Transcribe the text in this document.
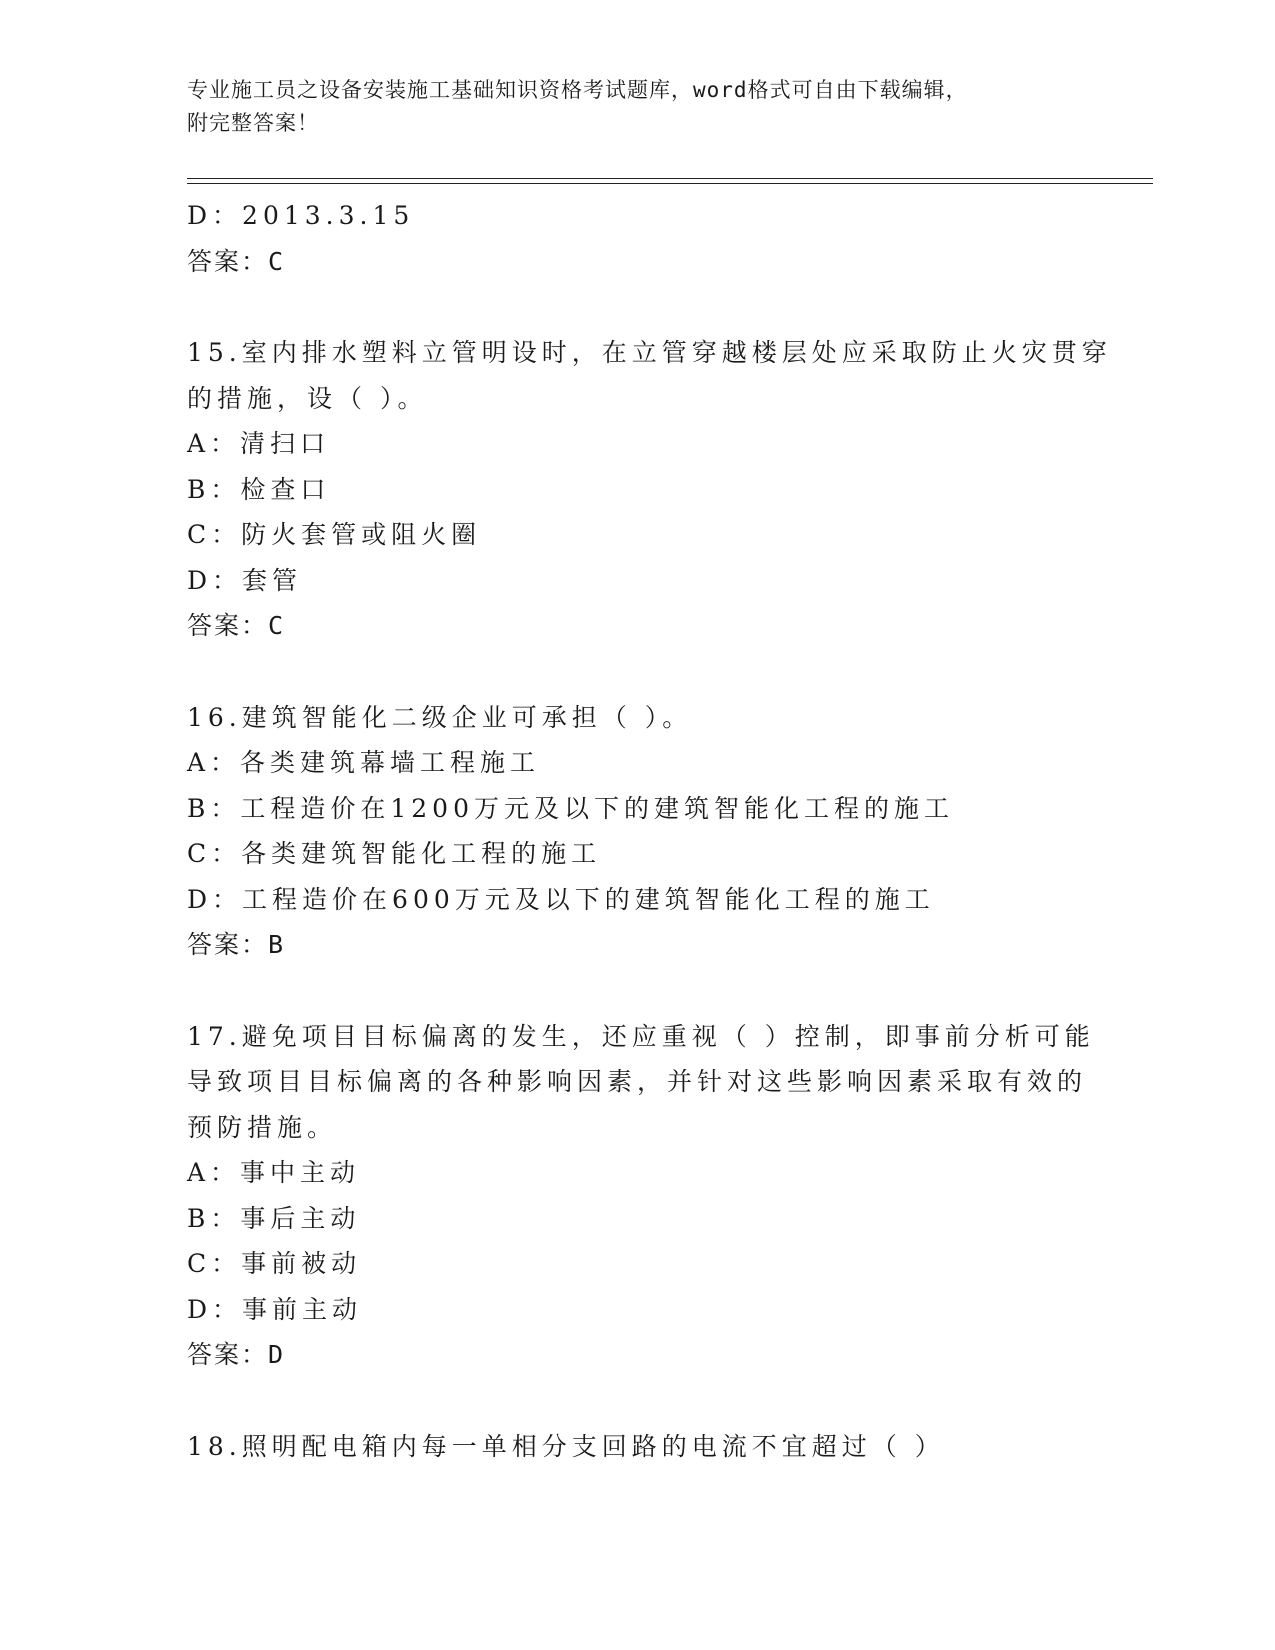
专业施工员之设备安装施工基础知识资格考试题库，word格式可自由下载编辑，
附完整答案！
D：2013.3.15
答案：C
15.室内排水塑料立管明设时，在立管穿越楼层处应采取防止火灾贯穿
的措施，设（ ）。
A：清扫口
B：检查口
C：防火套管或阻火圈
D：套管
答案：C
16.建筑智能化二级企业可承担（ ）。
A：各类建筑幕墙工程施工
B：工程造价在1200万元及以下的建筑智能化工程的施工
C：各类建筑智能化工程的施工
D：工程造价在600万元及以下的建筑智能化工程的施工
答案：B
17.避免项目目标偏离的发生，还应重视（ ）控制，即事前分析可能
导致项目目标偏离的各种影响因素，并针对这些影响因素采取有效的
预防措施。
A：事中主动
B：事后主动
C：事前被动
D：事前主动
答案：D
18.照明配电箱内每一单相分支回路的电流不宜超过（ ）
